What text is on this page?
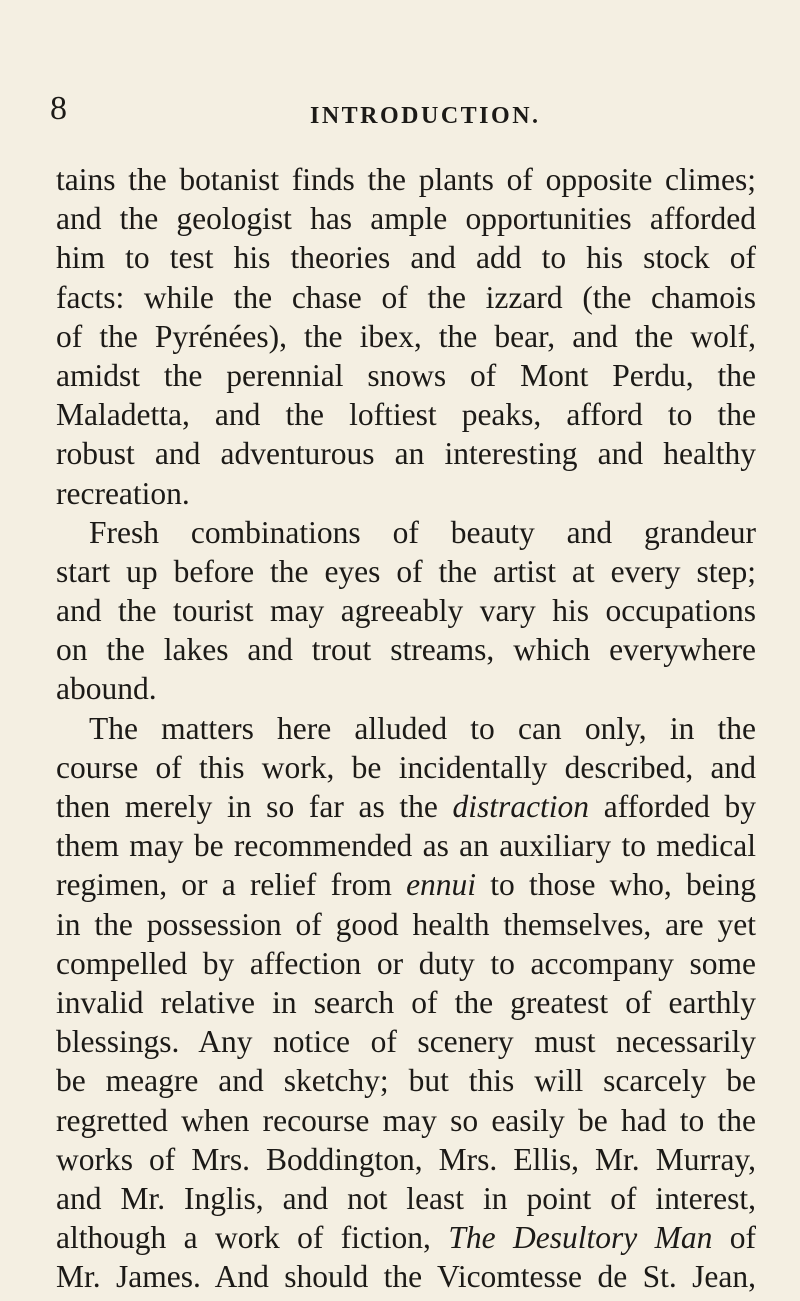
8	INTRODUCTION.
tains the botanist finds the plants of opposite climes;
and the geologist has ample opportunities afforded
him to test his theories and add to his stock of
facts: while the chase of the izzard (the chamois
of the Pyrénées), the ibex, the bear, and the wolf,
amidst the perennial snows of Mont Perdu, the
Maladetta, and the loftiest peaks, afford to the
robust and adventurous an interesting and healthy
recreation.
Fresh combinations of beauty and grandeur
start up before the eyes of the artist at every step;
and the tourist may agreeably vary his occupations
on the lakes and trout streams, which everywhere
abound.
The matters here alluded to can only, in the
course of this work, be incidentally described, and
then merely in so far as the distraction afforded by
them may be recommended as an auxiliary to medical
regimen, or a relief from ennui to those who, being
in the possession of good health themselves, are yet
compelled by affection or duty to accompany some
invalid relative in search of the greatest of earthly
blessings. Any notice of scenery must necessarily
be meagre and sketchy; but this will scarcely be
regretted when recourse may so easily be had to the
works of Mrs. Boddington, Mrs. Ellis, Mr. Murray,
and Mr. Inglis, and not least in point of interest,
although a work of fiction, The Desultory Man of
Mr. James. And should the Vicomtesse de St. Jean,
